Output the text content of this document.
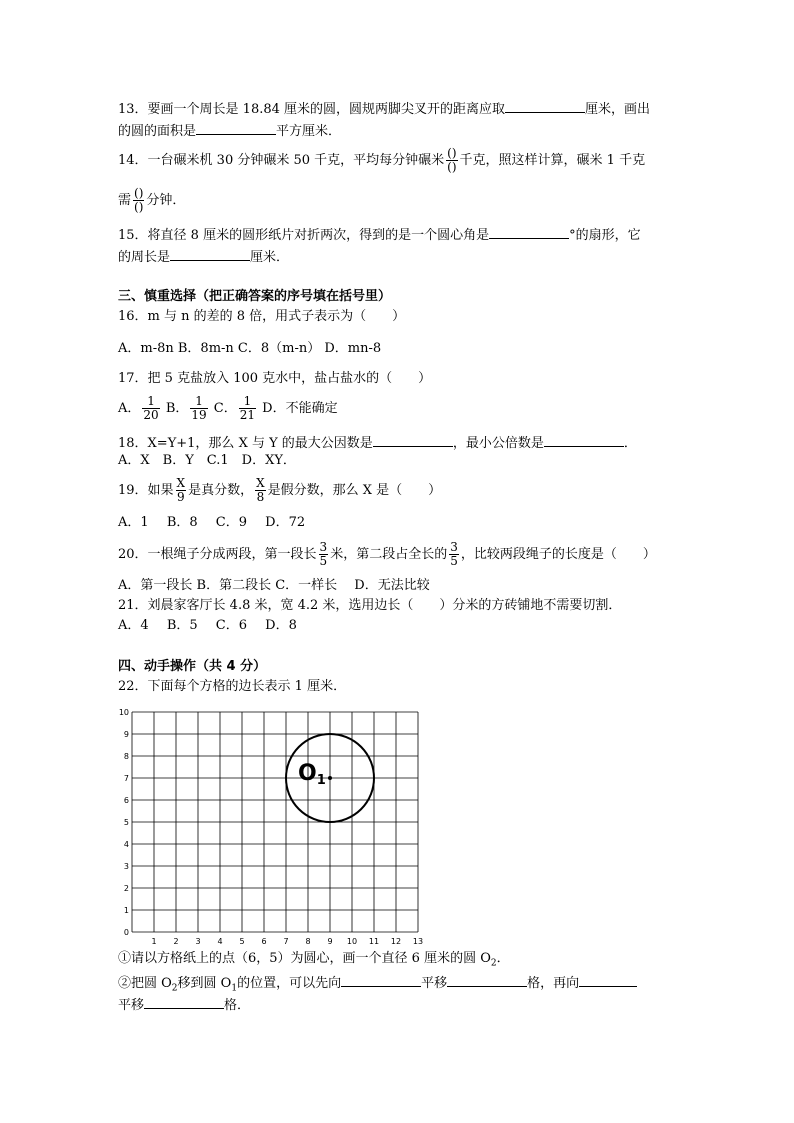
13．要画一个周长是 18.84 厘米的圆，圆规两脚尖叉开的距离应取	厘米，画出
的圆的面积是	平方厘米．
14．一台碾米机 30 分钟碾米 50 千克，平均每分钟碾米 $\frac{()}{()}$ 千克，照这样计算，碾米 1 千克
需 $\frac{()}{()}$ 分钟．
15．将直径 8 厘米的圆形纸片对折两次，得到的是一个圆心角是	°的扇形，它
的周长是	厘米．
三、慎重选择（把正确答案的序号填在括号里）
16．m 与 n 的差的 8 倍，用式子表示为（　　）
A．m-8n B．8m-n C．8（m-n） D．mn-8
17．把 5 克盐放入 100 克水中，盐占盐水的（　　）
A． $\frac{1}{20}$ B． $\frac{1}{19}$ C． $\frac{1}{21}$ D．不能确定
18．X=Y+1，那么 X 与 Y 的最大公因数是	，最小公倍数是	．
A．X　B．Y　C.1　D．XY．
19．如果 $\frac{X}{9}$ 是真分数， $\frac{X}{8}$ 是假分数，那么 X 是（　　）
A．1 B．8 C．9 D．72
20．一根绳子分成两段，第一段长 $\frac{3}{5}$ 米，第二段占全长的 $\frac{3}{5}$ ，比较两段绳子的长度是（　　）
A．第一段长 B．第二段长 C．一样长　 D．无法比较
21．刘晨家客厅长 4.8 米，宽 4.2 米，选用边长（　　）分米的方砖铺地不需要切割．
A．4 B．5 C．6 D．8
四、动手操作（共 4 分）
22．下面每个方格的边长表示 1 厘米．
1 2 3 4 5 6 7 8 9 10 11 12 13
0
1
2
3
4
5
6
7
8
9
10
O1
①请以方格纸上的点（6，5）为圆心，画一个直径 6 厘米的圆 $O_2$．
②把圆 $O_2$移到圆 $O_1$的位置，可以先向	平移	格，再向
平移	格．
